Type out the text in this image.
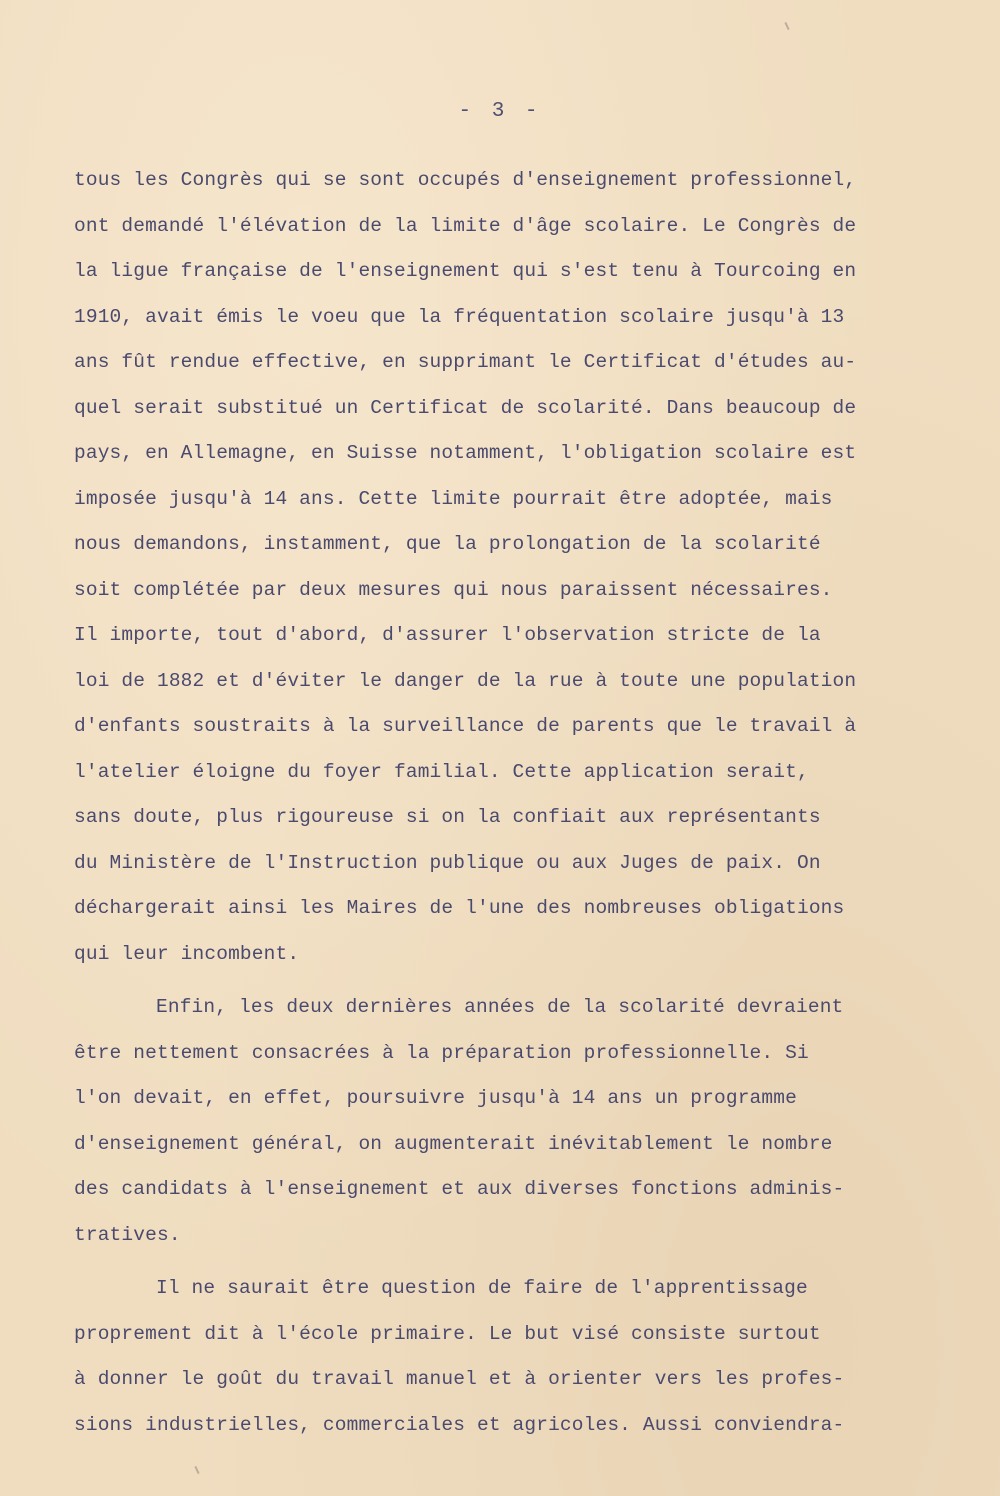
- 3 -
tous les Congrès qui se sont occupés d'enseignement professionnel,
ont demandé l'élévation de la limite d'âge scolaire. Le Congrès de
la ligue française de l'enseignement qui s'est tenu à Tourcoing en
1910, avait émis le voeu que la fréquentation scolaire jusqu'à 13
ans fût rendue effective, en supprimant le Certificat d'études au-
quel serait substitué un Certificat de scolarité. Dans beaucoup de
pays, en Allemagne, en Suisse notamment, l'obligation scolaire est
imposée jusqu'à 14 ans. Cette limite pourrait être adoptée, mais
nous demandons, instamment, que la prolongation de la scolarité
soit complétée par deux mesures qui nous paraissent nécessaires.
Il importe, tout d'abord, d'assurer l'observation stricte de la
loi de 1882 et d'éviter le danger de la rue à toute une population
d'enfants soustraits à la surveillance de parents que le travail à
l'atelier éloigne du foyer familial. Cette application serait,
sans doute, plus rigoureuse si on la confiait aux représentants
du Ministère de l'Instruction publique ou aux Juges de paix. On
déchargerait ainsi les Maires de l'une des nombreuses obligations
qui leur incombent.
Enfin, les deux dernières années de la scolarité devraient
être nettement consacrées à la préparation professionnelle. Si
l'on devait, en effet, poursuivre jusqu'à 14 ans un programme
d'enseignement général, on augmenterait inévitablement le nombre
des candidats à l'enseignement et aux diverses fonctions adminis-
tratives.
Il ne saurait être question de faire de l'apprentissage
proprement dit à l'école primaire. Le but visé consiste surtout
à donner le goût du travail manuel et à orienter vers les profes-
sions industrielles, commerciales et agricoles. Aussi conviendra-
